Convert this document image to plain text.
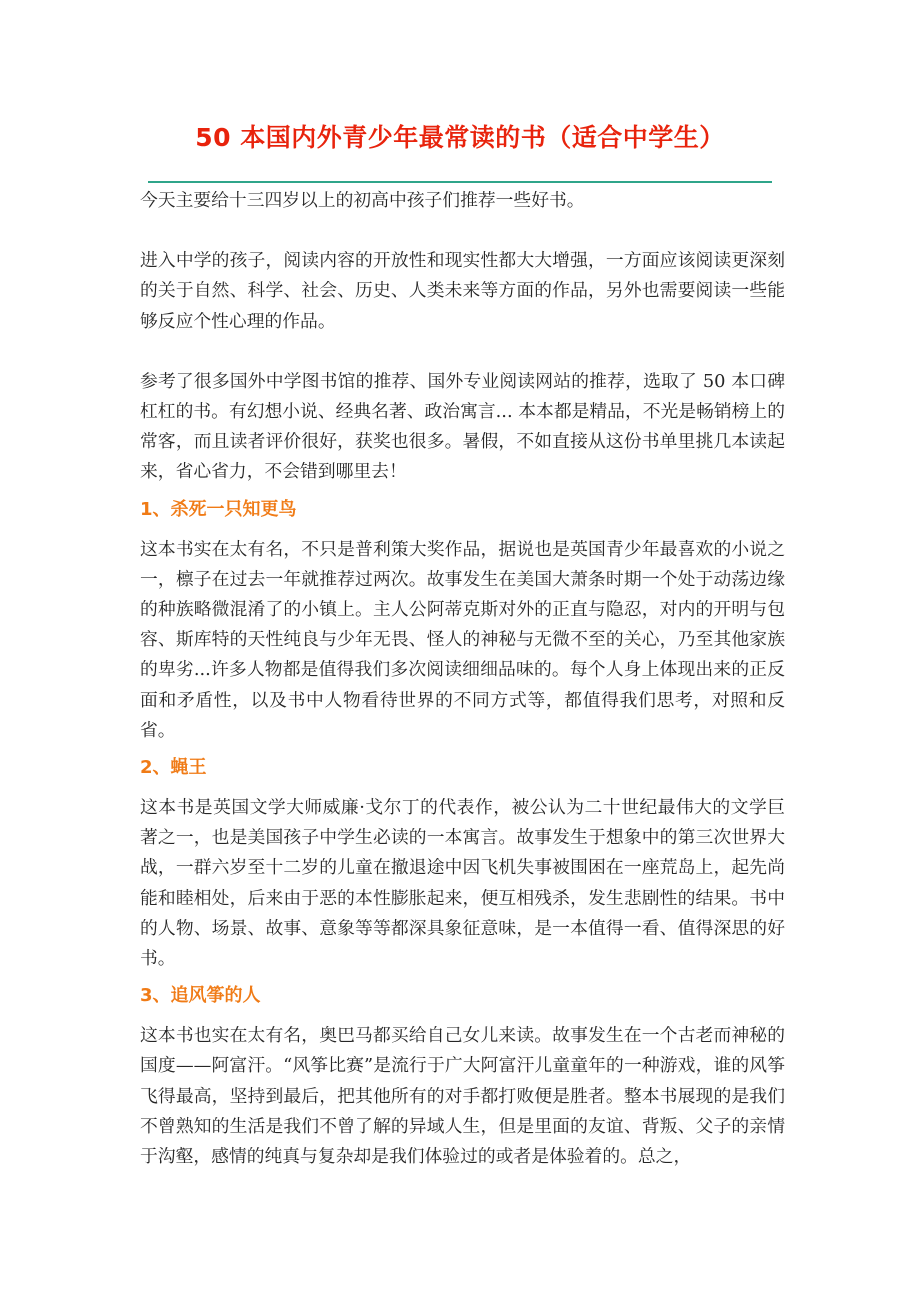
50 本国内外青少年最常读的书（适合中学生）

今天主要给十三四岁以上的初高中孩子们推荐一些好书。

进入中学的孩子，阅读内容的开放性和现实性都大大增强，一方面应该阅读更深刻的关于自然、科学、社会、历史、人类未来等方面的作品，另外也需要阅读一些能够反应个性心理的作品。

参考了很多国外中学图书馆的推荐、国外专业阅读网站的推荐，选取了 50 本口碑杠杠的书。有幻想小说、经典名著、政治寓言... 本本都是精品，不光是畅销榜上的常客，而且读者评价很好，获奖也很多。暑假，不如直接从这份书单里挑几本读起来，省心省力，不会错到哪里去！

1、杀死一只知更鸟

这本书实在太有名，不只是普利策大奖作品，据说也是英国青少年最喜欢的小说之一，檩子在过去一年就推荐过两次。故事发生在美国大萧条时期一个处于动荡边缘的种族略微混淆了的小镇上。主人公阿蒂克斯对外的正直与隐忍，对内的开明与包容、斯库特的天性纯良与少年无畏、怪人的神秘与无微不至的关心，乃至其他家族的卑劣...许多人物都是值得我们多次阅读细细品味的。每个人身上体现出来的正反面和矛盾性，以及书中人物看待世界的不同方式等，都值得我们思考，对照和反省。

2、蝇王

这本书是英国文学大师威廉·戈尔丁的代表作，被公认为二十世纪最伟大的文学巨著之一，也是美国孩子中学生必读的一本寓言。故事发生于想象中的第三次世界大战，一群六岁至十二岁的儿童在撤退途中因飞机失事被围困在一座荒岛上，起先尚能和睦相处，后来由于恶的本性膨胀起来，便互相残杀，发生悲剧性的结果。书中的人物、场景、故事、意象等等都深具象征意味，是一本值得一看、值得深思的好书。

3、追风筝的人

这本书也实在太有名，奥巴马都买给自己女儿来读。故事发生在一个古老而神秘的国度——阿富汗。“风筝比赛”是流行于广大阿富汗儿童童年的一种游戏，谁的风筝飞得最高，坚持到最后，把其他所有的对手都打败便是胜者。整本书展现的是我们不曾熟知的生活是我们不曾了解的异域人生，但是里面的友谊、背叛、父子的亲情于沟壑，感情的纯真与复杂却是我们体验过的或者是体验着的。总之，
